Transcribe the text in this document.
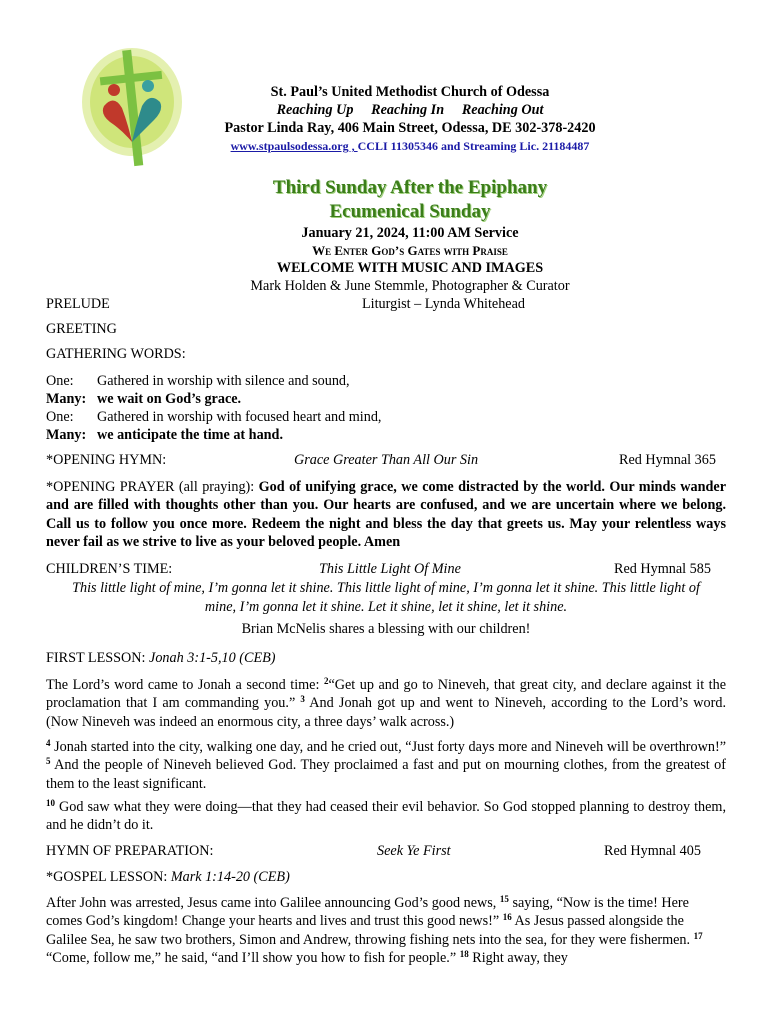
St. Paul’s United Methodist Church of Odessa
Reaching Up     Reaching In     Reaching Out
Pastor Linda Ray, 406 Main Street, Odessa, DE 302-378-2420
www.stpaulsodessa.org , CCLI 11305346 and Streaming Lic. 21184487
Third Sunday After the Epiphany
Ecumenical Sunday
January 21, 2024, 11:00 AM Service
We Enter God’s Gates with Praise
WELCOME WITH MUSIC AND IMAGES
Mark Holden & June Stemmle, Photographer & Curator
PRELUDE	Liturgist – Lynda Whitehead
GREETING
GATHERING WORDS:
One: Gathered in worship with silence and sound,
Many: we wait on God’s grace.
One: Gathered in worship with focused heart and mind,
Many: we anticipate the time at hand.
*OPENING HYMN:	Grace Greater Than All Our Sin	Red Hymnal 365
*OPENING PRAYER (all praying): God of unifying grace, we come distracted by the world. Our minds wander and are filled with thoughts other than you. Our hearts are confused, and we are uncertain where we belong. Call us to follow you once more. Redeem the night and bless the day that greets us. May your relentless ways never fail as we strive to live as your beloved people. Amen
CHILDREN’S TIME:	This Little Light Of Mine	Red Hymnal 585
This little light of mine, I’m gonna let it shine. This little light of mine, I’m gonna let it shine. This little light of
mine, I’m gonna let it shine. Let it shine, let it shine, let it shine.
Brian McNelis shares a blessing with our children!
FIRST LESSON: Jonah 3:1-5,10 (CEB)
The Lord’s word came to Jonah a second time: $^2$“Get up and go to Nineveh, that great city, and declare against it the proclamation that I am commanding you.” $^3$ And Jonah got up and went to Nineveh, according to the Lord’s word. (Now Nineveh was indeed an enormous city, a three days’ walk across.)
$^4$ Jonah started into the city, walking one day, and he cried out, “Just forty days more and Nineveh will be overthrown!” $^5$ And the people of Nineveh believed God. They proclaimed a fast and put on mourning clothes, from the greatest of them to the least significant.
$^{10}$ God saw what they were doing—that they had ceased their evil behavior. So God stopped planning to destroy them, and he didn’t do it.
HYMN OF PREPARATION:	Seek Ye First	Red Hymnal 405
*GOSPEL LESSON: Mark 1:14-20 (CEB)
After John was arrested, Jesus came into Galilee announcing God’s good news, $^{15}$ saying, “Now is the time! Here comes God’s kingdom! Change your hearts and lives and trust this good news!” $^{16}$ As Jesus passed alongside the Galilee Sea, he saw two brothers, Simon and Andrew, throwing fishing nets into the sea, for they were fishermen. $^{17}$ “Come, follow me,” he said, “and I’ll show you how to fish for people.” $^{18}$ Right away, they
